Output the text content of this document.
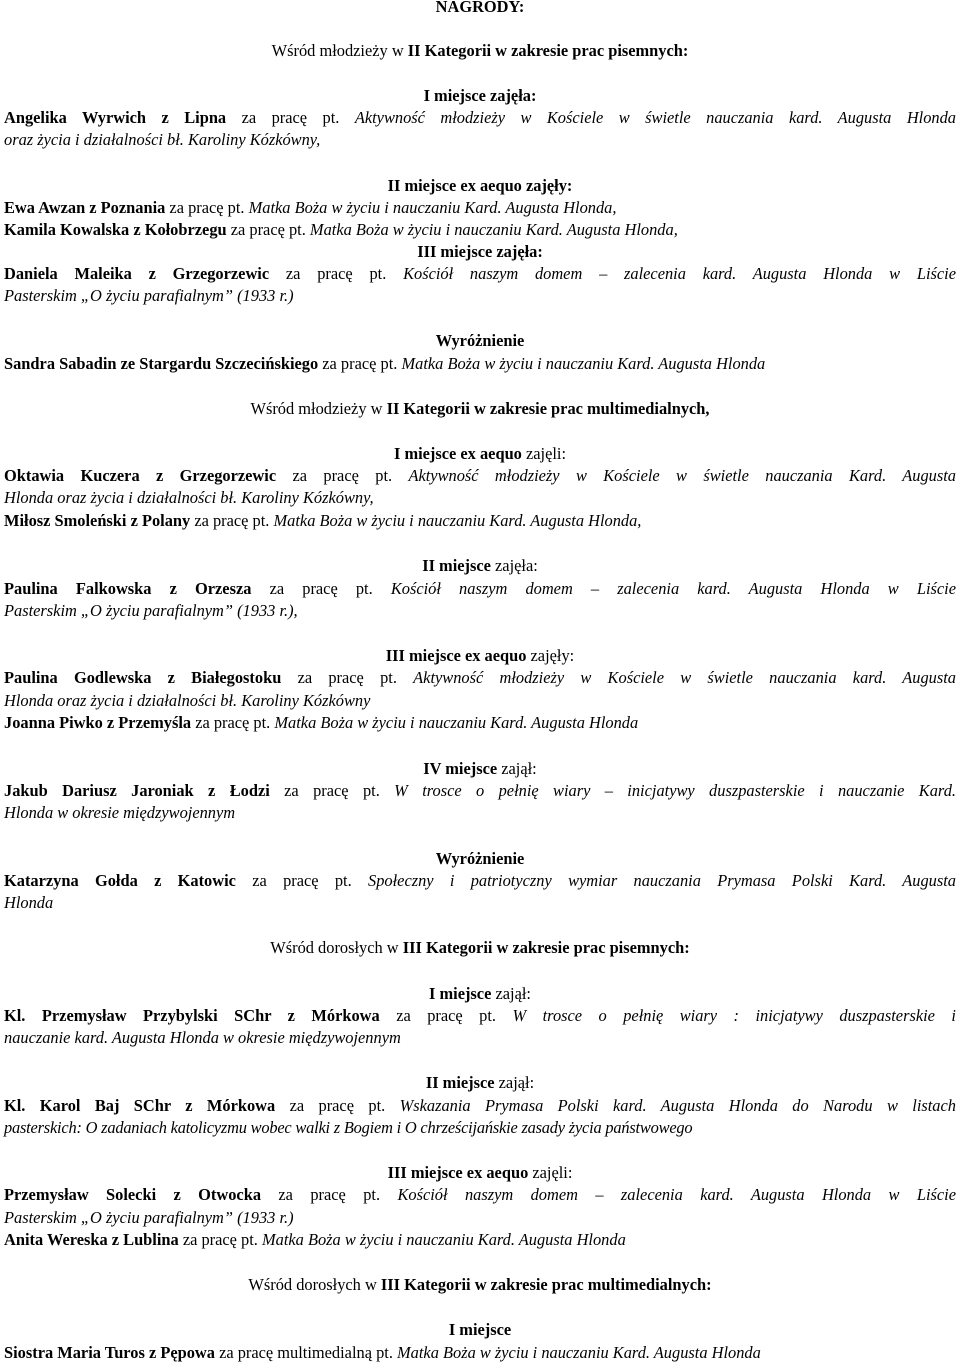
NAGRODY:

Wśród młodzieży w II Kategorii w zakresie prac pisemnych:

I miejsce zajęła:

Angelika Wyrwich z Lipna za pracę pt. Aktywność młodzieży w Kościele w świetle nauczania kard. Augusta Hlonda

oraz życia i działalności bł. Karoliny Kózkówny,

II miejsce ex aequo zajęły:

Ewa Awzan z Poznania za pracę pt. Matka Boża w życiu i nauczaniu Kard. Augusta Hlonda,

Kamila Kowalska z Kołobrzegu za pracę pt. Matka Boża w życiu i nauczaniu Kard. Augusta Hlonda,

III miejsce zajęła:

Daniela Maleika z Grzegorzewic za pracę pt. Kościół naszym domem – zalecenia kard. Augusta Hlonda w Liście

Pasterskim „O życiu parafialnym” (1933 r.)

Wyróżnienie

Sandra Sabadin ze Stargardu Szczecińskiego za pracę pt. Matka Boża w życiu i nauczaniu Kard. Augusta Hlonda

Wśród młodzieży w II Kategorii w zakresie prac multimedialnych,

I miejsce ex aequo zajęli:

Oktawia Kuczera z Grzegorzewic za pracę pt. Aktywność młodzieży w Kościele w świetle nauczania Kard. Augusta

Hlonda oraz życia i działalności bł. Karoliny Kózkówny,

Miłosz Smoleński z Polany za pracę pt. Matka Boża w życiu i nauczaniu Kard. Augusta Hlonda,

II miejsce zajęła:

Paulina Falkowska z Orzesza za pracę pt. Kościół naszym domem – zalecenia kard. Augusta Hlonda w Liście

Pasterskim „O życiu parafialnym” (1933 r.),

III miejsce ex aequo zajęły:

Paulina Godlewska z Białegostoku za pracę pt. Aktywność młodzieży w Kościele w świetle nauczania kard. Augusta

Hlonda oraz życia i działalności bł. Karoliny Kózkówny

Joanna Piwko z Przemyśla za pracę pt. Matka Boża w życiu i nauczaniu Kard. Augusta Hlonda

IV miejsce zajął:

Jakub Dariusz Jaroniak z Łodzi za pracę pt. W trosce o pełnię wiary – inicjatywy duszpasterskie i nauczanie Kard.

Hlonda w okresie międzywojennym

Wyróżnienie

Katarzyna Gołda z Katowic za pracę pt. Społeczny i patriotyczny wymiar nauczania Prymasa Polski Kard. Augusta

Hlonda

Wśród dorosłych w III Kategorii w zakresie prac pisemnych:

I miejsce zajął:

Kl. Przemysław Przybylski SChr z Mórkowa za pracę pt. W trosce o pełnię wiary : inicjatywy duszpasterskie i

nauczanie kard. Augusta Hlonda w okresie międzywojennym

II miejsce zajął:

Kl. Karol Baj SChr z Mórkowa za pracę pt. Wskazania Prymasa Polski kard. Augusta Hlonda do Narodu w listach

pasterskich: O zadaniach katolicyzmu wobec walki z Bogiem i O chrześcijańskie zasady życia państwowego

III miejsce ex aequo zajęli:

Przemysław Solecki z Otwocka za pracę pt. Kościół naszym domem – zalecenia kard. Augusta Hlonda w Liście

Pasterskim „O życiu parafialnym” (1933 r.)

Anita Wereska z Lublina za pracę pt. Matka Boża w życiu i nauczaniu Kard. Augusta Hlonda

Wśród dorosłych w III Kategorii w zakresie prac multimedialnych:

I miejsce

Siostra Maria Turos z Pępowa za pracę multimedialną pt. Matka Boża w życiu i nauczaniu Kard. Augusta Hlonda
